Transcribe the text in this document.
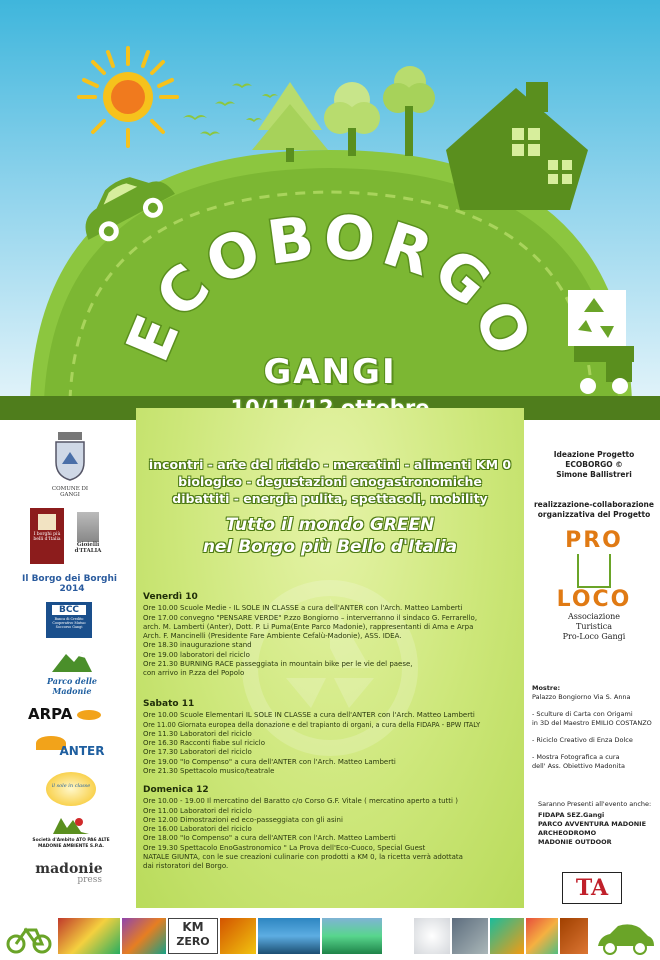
ECOBORGO
GANGI
incontri - arte del riciclo - mercatini - alimenti KM 0
biologico - degustazioni enogastronomiche
dibattiti - energia pulita, spettacoli, mobility
Tutto il mondo GREEN
nel Borgo più Bello d'Italia
Venerdì 10
Ore 10.00 Scuole Medie - IL SOLE IN CLASSE a cura dell'ANTER con l'Arch. Matteo Lamberti
Ore 17.00 convegno "PENSARE VERDE" P.zzo Bongiorno – interverranno il sindaco G. Ferrarello,
arch. M. Lamberti (Anter), Dott. P. Li Puma(Ente Parco Madonie), rappresentanti di Ama e Arpa
Arch. F. Mancinelli (Presidente Fare Ambiente Cefalù-Madonie), ASS. IDEA.
Ore 18.30 inaugurazione stand
Ore 19.00 laboratori del riciclo
Ore 21.30 BURNING RACE passeggiata in mountain bike per le vie del paese,
con arrivo in P.zza del Popolo
Sabato 11
Ore 10.00 Scuole Elementari IL SOLE IN CLASSE a cura dell'ANTER con l'Arch. Matteo Lamberti
Ore 11.00 Giornata europea della donazione e del trapianto di organi, a cura della FIDAPA - BPW ITALY
Ore 11.30 Laboratori del riciclo
Ore 16.30 Racconti fiabe sul riciclo
Ore 17.30 Laboratori del riciclo
Ore 19.00 "Io Compenso" a cura dell'ANTER con l'Arch. Matteo Lamberti
Ore 21.30 Spettacolo musico/teatrale
Domenica 12
Ore 10.00 - 19.00 Il mercatino del Baratto c/o Corso G.F. Vitale ( mercatino aperto a tutti )
Ore 11.00 Laboratori del riciclo
Ore 12.00 Dimostrazioni ed eco-passeggiata con gli asini
Ore 16.00 Laboratori del riciclo
Ore 18.00 "Io Compenso" a cura dell'ANTER con l'Arch. Matteo Lamberti
Ore 19.30 Spettacolo EnoGastronomico " La Prova dell'Eco-Cuoco, Special Guest
NATALE GIUNTA, con le sue creazioni culinarie con prodotti a KM 0, la ricetta verrà adottata
dai ristoratori del Borgo.
COMUNE DI GANGI
I borghi più belli d'Italia
Gioielli d'ITALIA
Il Borgo dei Borghi
2014
BCC
Banca di Credito Cooperativo Mutuo Soccorso Gangi
Parco delle Madonie
ARPA
ANTER
il sole in classe
Società d'Ambito ATO PA6 ALTE MADONIE AMBIENTE S.P.A.
madonie
press
Ideazione Progetto
ECOBORGO ©
Simone Ballistreri
realizzazione-collaborazione
organizzativa del Progetto
PRO
LOCO
Associazione
Turistica
Pro-Loco Gangi
Mostre:
Palazzo Bongiorno Via S. Anna
- Sculture di Carta con Origami
in 3D del Maestro EMILIO COSTANZO
- Riciclo Creativo di Enza Dolce
- Mostra Fotografica a cura
dell' Ass. Obiettivo Madonita
Saranno Presenti all'evento anche:
FIDAPA SEZ.Gangi
PARCO AVVENTURA MADONIE
ARCHEODROMO
MADONIE OUTDOOR
TA
KM
ZERO
